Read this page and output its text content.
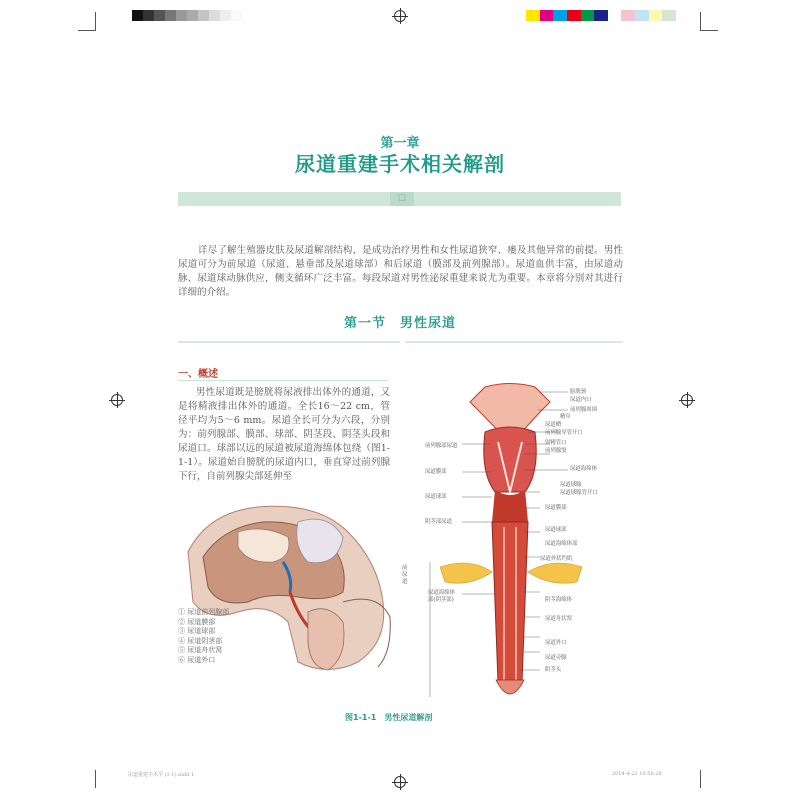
第一章
尿道重建手术相关解剖
☐
详尽了解生殖器皮肤及尿道解剖结构，是成功治疗男性和女性尿道狭窄、瘘及其他异常的前提。男性尿道可分为前尿道（尿道、悬垂部及尿道球部）和后尿道（膜部及前列腺部）。尿道血供丰富，由尿道动脉、尿道球动脉供应，侧支循环广泛丰富。每段尿道对男性泌尿重建来说尤为重要。本章将分别对其进行详细的介绍。
第一节　男性尿道
一、概述
男性尿道既是膀胱将尿液排出体外的通道，又是将精液排出体外的通道。全长16～22 cm，管径平均为5～6 mm。尿道全长可分为六段，分别为：前列腺部、膜部、球部、阴茎段、阴茎头段和尿道口。球部以远的尿道被尿道海绵体包绕（图1-1-1）。尿道始自膀胱的尿道内口，垂直穿过前列腺下行，自前列腺尖部延伸至
① 尿道前列腺部
② 尿道膜部
③ 尿道球部
④ 尿道阴茎部
⑤ 尿道舟状窝
⑥ 尿道外口
膀胱颈
尿道内口
前列腺周围
精阜
尿道嵴
前列腺导管开口
射精管口
前列腺窦
尿道海绵体
尿道球腺
尿道球腺管开口
尿道膜部
尿道球部
尿道海绵体部
尿道外括约肌
阴茎海绵体
尿道舟状窝
尿道外口
尿道旁腺
阴茎头
前列腺部尿道
尿道膜部
尿道球部
阴茎部尿道
尿道海绵体部(阴茎部)
前尿道
图1-1-1　男性尿道解剖
尿道重建手术学 (1-1).indd 1	2014-4-22 10:56:28
